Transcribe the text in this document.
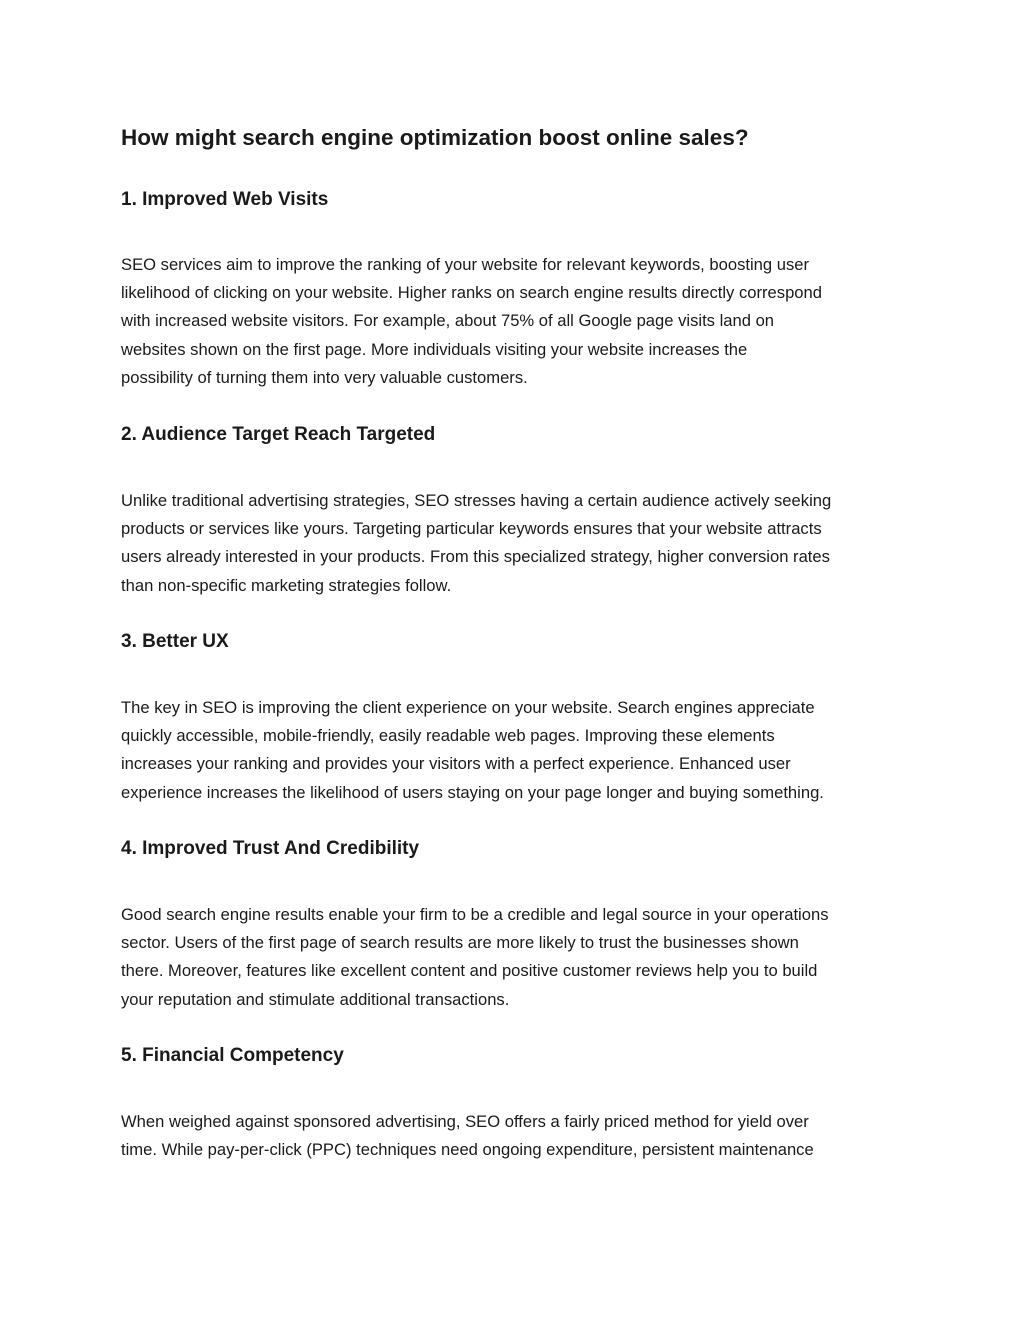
How might search engine optimization boost online sales?
1. Improved Web Visits

SEO services aim to improve the ranking of your website for relevant keywords, boosting user
likelihood of clicking on your website. Higher ranks on search engine results directly correspond
with increased website visitors. For example, about 75% of all Google page visits land on
websites shown on the first page. More individuals visiting your website increases the
possibility of turning them into very valuable customers.

2. Audience Target Reach Targeted

Unlike traditional advertising strategies, SEO stresses having a certain audience actively seeking
products or services like yours. Targeting particular keywords ensures that your website attracts
users already interested in your products. From this specialized strategy, higher conversion rates
than non-specific marketing strategies follow.

3. Better UX

The key in SEO is improving the client experience on your website. Search engines appreciate
quickly accessible, mobile-friendly, easily readable web pages. Improving these elements
increases your ranking and provides your visitors with a perfect experience. Enhanced user
experience increases the likelihood of users staying on your page longer and buying something.

4. Improved Trust And Credibility

Good search engine results enable your firm to be a credible and legal source in your operations
sector. Users of the first page of search results are more likely to trust the businesses shown
there. Moreover, features like excellent content and positive customer reviews help you to build
your reputation and stimulate additional transactions.

5. Financial Competency

When weighed against sponsored advertising, SEO offers a fairly priced method for yield over
time. While pay-per-click (PPC) techniques need ongoing expenditure, persistent maintenance
